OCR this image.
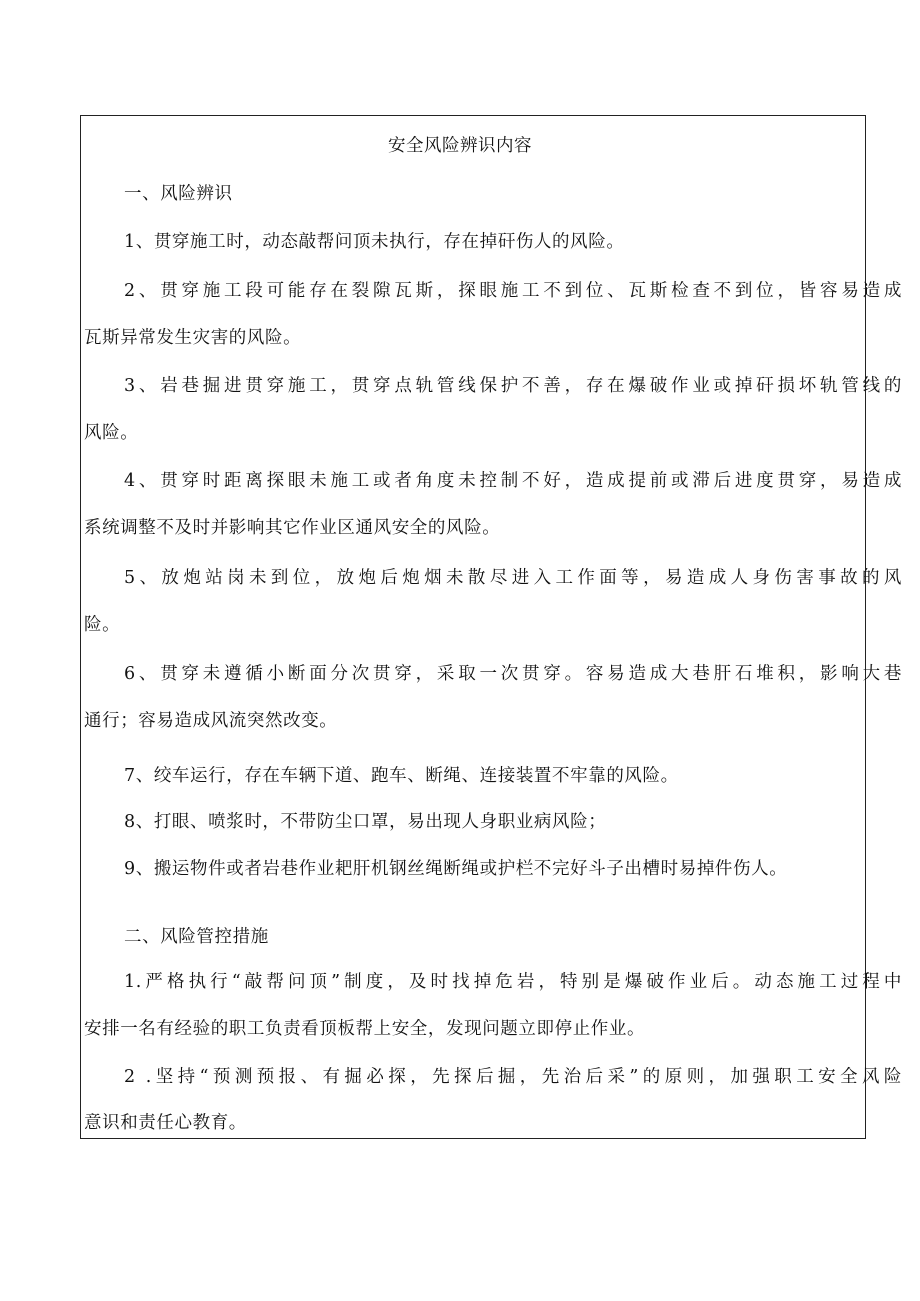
安全风险辨识内容
一、风险辨识
1、贯穿施工时，动态敲帮问顶未执行，存在掉矸伤人的风险。
2、贯穿施工段可能存在裂隙瓦斯，探眼施工不到位、瓦斯检查不到位，皆容易造成
瓦斯异常发生灾害的风险。
3、岩巷掘进贯穿施工，贯穿点轨管线保护不善，存在爆破作业或掉矸损坏轨管线的
风险。
4、贯穿时距离探眼未施工或者角度未控制不好，造成提前或滞后进度贯穿，易造成
系统调整不及时并影响其它作业区通风安全的风险。
5、放炮站岗未到位，放炮后炮烟未散尽进入工作面等，易造成人身伤害事故的风
险。
6、贯穿未遵循小断面分次贯穿，采取一次贯穿。容易造成大巷肝石堆积，影响大巷
通行；容易造成风流突然改变。
7、绞车运行，存在车辆下道、跑车、断绳、连接装置不牢靠的风险。
8、打眼、喷浆时，不带防尘口罩，易出现人身职业病风险；
9、搬运物件或者岩巷作业耙肝机钢丝绳断绳或护栏不完好斗子出槽时易掉件伤人。
二、风险管控措施
1.严格执行“敲帮问顶”制度，及时找掉危岩，特别是爆破作业后。动态施工过程中
安排一名有经验的职工负责看顶板帮上安全，发现问题立即停止作业。
2 .坚持“预测预报、有掘必探，先探后掘，先治后采”的原则，加强职工安全风险
意识和责任心教育。
